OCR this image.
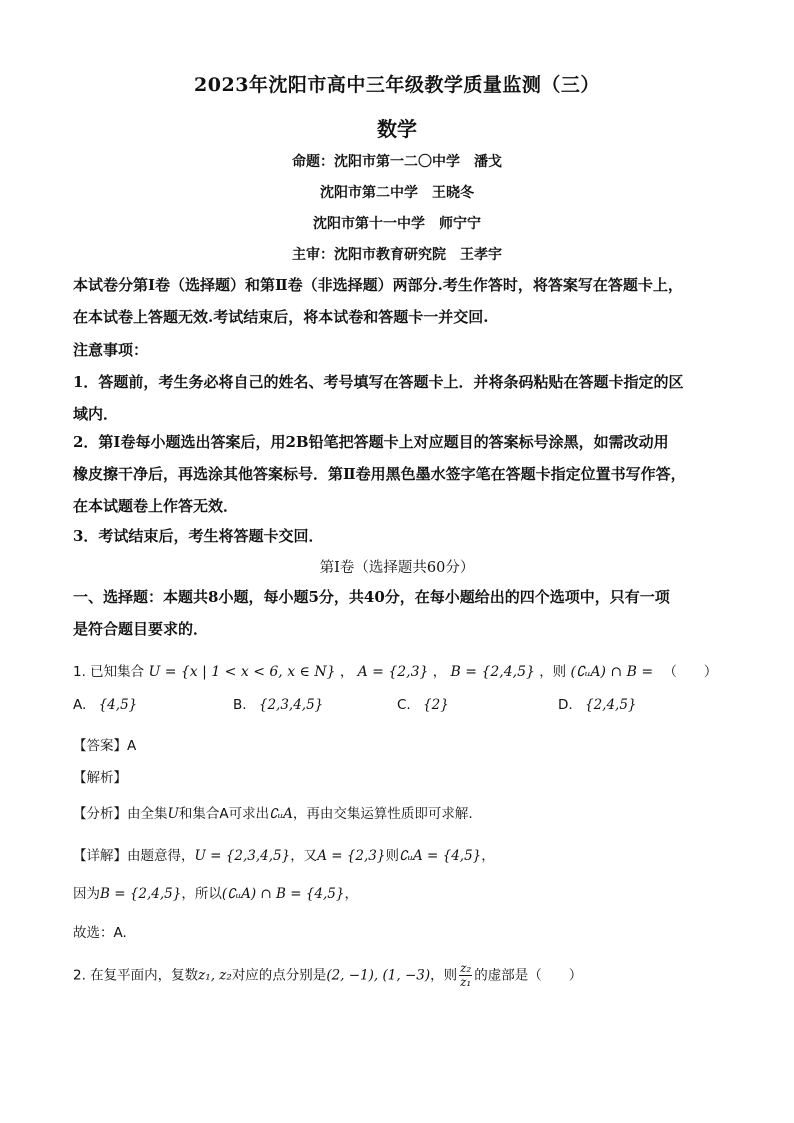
2023年沈阳市高中三年级教学质量监测（三）
数学
命题：沈阳市第一二〇中学　潘戈
沈阳市第二中学　王晓冬
沈阳市第十一中学　师宁宁
主审：沈阳市教育研究院　王孝宇
本试卷分第Ⅰ卷（选择题）和第Ⅱ卷（非选择题）两部分.考生作答时，将答案写在答题卡上，
在本试卷上答题无效.考试结束后，将本试卷和答题卡一并交回.
注意事项：
1．答题前，考生务必将自己的姓名、考号填写在答题卡上．并将条码粘贴在答题卡指定的区
域内．
2．第Ⅰ卷每小题选出答案后，用2B铅笔把答题卡上对应题目的答案标号涂黑，如需改动用
橡皮擦干净后，再选涂其他答案标号．第Ⅱ卷用黑色墨水签字笔在答题卡指定位置书写作答，
在本试题卷上作答无效．
3．考试结束后，考生将答题卡交回．
第Ⅰ卷（选择题共60分）
一、选择题：本题共8小题，每小题5分，共40分，在每小题给出的四个选项中，只有一项
是符合题目要求的．
1. 已知集合 U = {x | 1 < x < 6, x ∈ N} ， A = {2,3} ， B = {2,4,5} ，则 (∁ᵤA) ∩ B = （　　）
A. {4,5}	B. {2,3,4,5}	C. {2}	D. {2,4,5}
【答案】A
【解析】
【分析】由全集U和集合A可求出∁ᵤA，再由交集运算性质即可求解.
【详解】由题意得，U = {2,3,4,5}，又A = {2,3}则∁ᵤA = {4,5}，
因为B = {2,4,5}，所以(∁ᵤA) ∩ B = {4,5}，
故选：A.
2. 在复平面内，复数z₁, z₂对应的点分别是(2, −1), (1, −3)，则 $\frac{\text{z₂}}{\text{z₁}}$ 的虚部是（　　）
